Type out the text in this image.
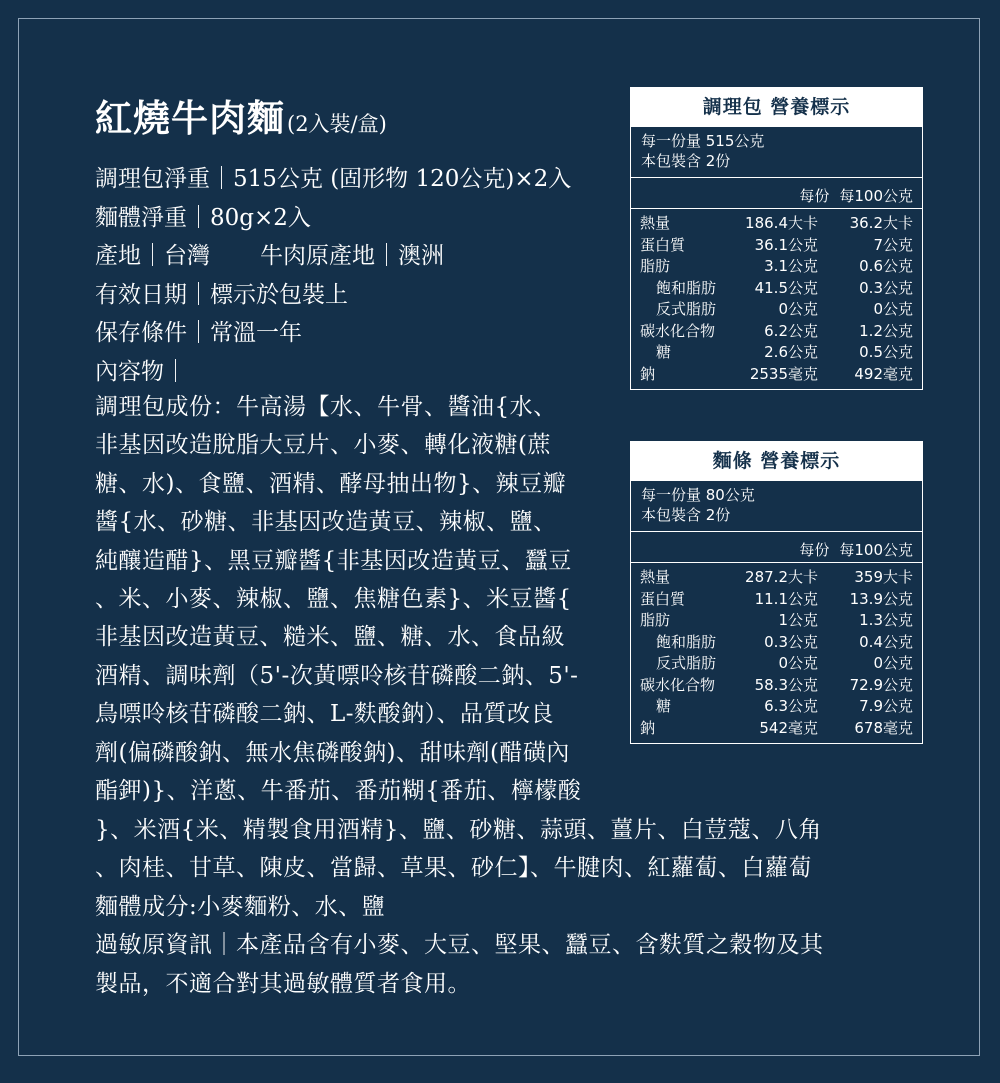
紅燒牛肉麵(2入裝/盒)
調理包淨重｜515公克 (固形物 120公克)×2入
麵體淨重｜80g×2入
產地｜台灣 牛肉原產地｜澳洲
有效日期｜標示於包裝上
保存條件｜常溫一年
內容物｜
調理包成份：牛高湯【水、牛骨、醬油{水、
非基因改造脫脂大豆片、小麥、轉化液糖(蔗
糖、水)、食鹽、酒精、酵母抽出物}、辣豆瓣
醬{水、砂糖、非基因改造黃豆、辣椒、鹽、
純釀造醋}、黑豆瓣醬{非基因改造黃豆、蠶豆
、米、小麥、辣椒、鹽、焦糖色素}、米豆醬{
非基因改造黃豆、糙米、鹽、糖、水、食品級
酒精、調味劑（5'-次黃嘌呤核苷磷酸二鈉、5'-
鳥嘌呤核苷磷酸二鈉、L-麩酸鈉）、品質改良
劑(偏磷酸鈉、無水焦磷酸鈉)、甜味劑(醋磺內
酯鉀)}、洋蔥、牛番茄、番茄糊{番茄、檸檬酸
}、米酒{米、精製食用酒精}、鹽、砂糖、蒜頭、薑片、白荳蔻、八角
、肉桂、甘草、陳皮、當歸、草果、砂仁】、牛腱肉、紅蘿蔔、白蘿蔔
麵體成分:小麥麵粉、水、鹽
過敏原資訊｜本產品含有小麥、大豆、堅果、蠶豆、含麩質之穀物及其
製品，不適合對其過敏體質者食用。
調理包 營養標示
每一份量 515公克
本包裝含 2份
每份 每100公克
熱量	186.4大卡	36.2大卡
蛋白質	36.1公克	7公克
脂肪	3.1公克	0.6公克
飽和脂肪	41.5公克	0.3公克
反式脂肪	0公克	0公克
碳水化合物	6.2公克	1.2公克
糖	2.6公克	0.5公克
鈉	2535毫克	492毫克
麵條 營養標示
每一份量 80公克
本包裝含 2份
每份 每100公克
熱量	287.2大卡	359大卡
蛋白質	11.1公克	13.9公克
脂肪	1公克	1.3公克
飽和脂肪	0.3公克	0.4公克
反式脂肪	0公克	0公克
碳水化合物	58.3公克	72.9公克
糖	6.3公克	7.9公克
鈉	542毫克	678毫克
